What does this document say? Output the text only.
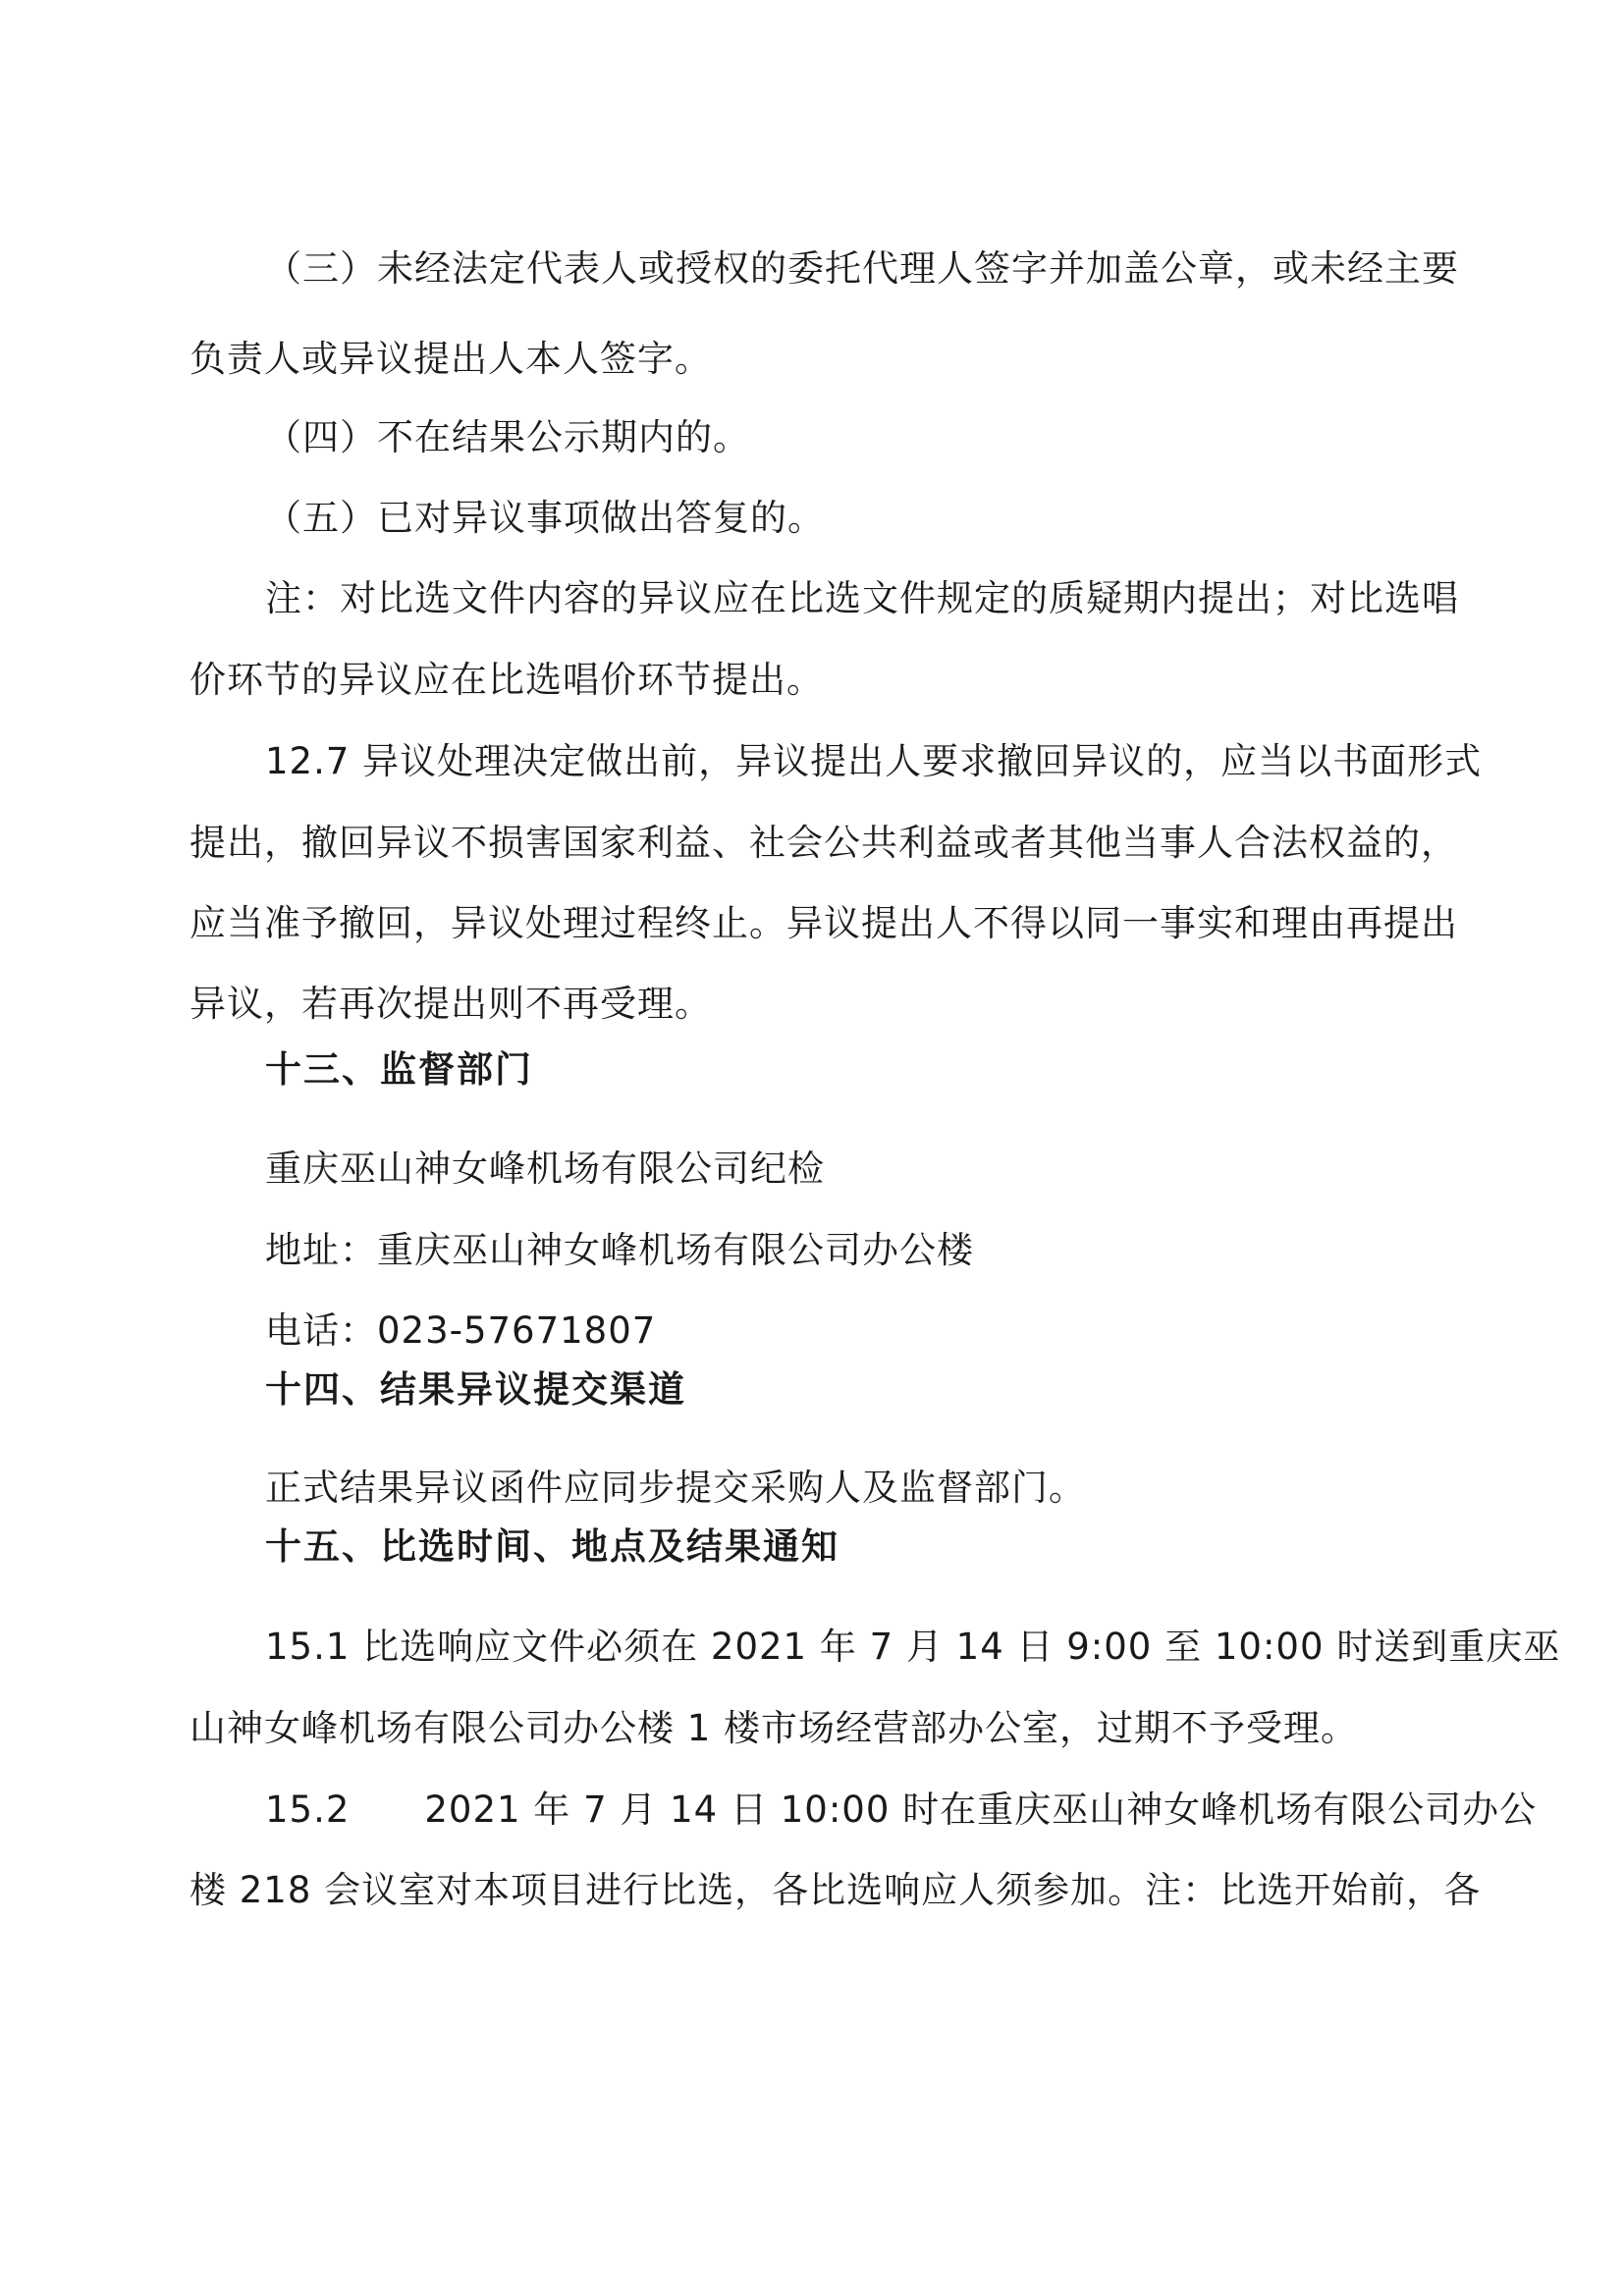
（三）未经法定代表人或授权的委托代理人签字并加盖公章，或未经主要
负责人或异议提出人本人签字。
（四）不在结果公示期内的。
（五）已对异议事项做出答复的。
注：对比选文件内容的异议应在比选文件规定的质疑期内提出；对比选唱
价环节的异议应在比选唱价环节提出。
12.7 异议处理决定做出前，异议提出人要求撤回异议的，应当以书面形式
提出，撤回异议不损害国家利益、社会公共利益或者其他当事人合法权益的，
应当准予撤回，异议处理过程终止。异议提出人不得以同一事实和理由再提出
异议，若再次提出则不再受理。
十三、监督部门
重庆巫山神女峰机场有限公司纪检
地址：重庆巫山神女峰机场有限公司办公楼
电话：023-57671807
十四、结果异议提交渠道
正式结果异议函件应同步提交采购人及监督部门。
十五、比选时间、地点及结果通知
15.1 比选响应文件必须在 2021 年 7 月 14 日 9:00 至 10:00 时送到重庆巫
山神女峰机场有限公司办公楼 1 楼市场经营部办公室，过期不予受理。
15.2　　2021 年 7 月 14 日 10:00 时在重庆巫山神女峰机场有限公司办公
楼 218 会议室对本项目进行比选，各比选响应人须参加。注：比选开始前，各
